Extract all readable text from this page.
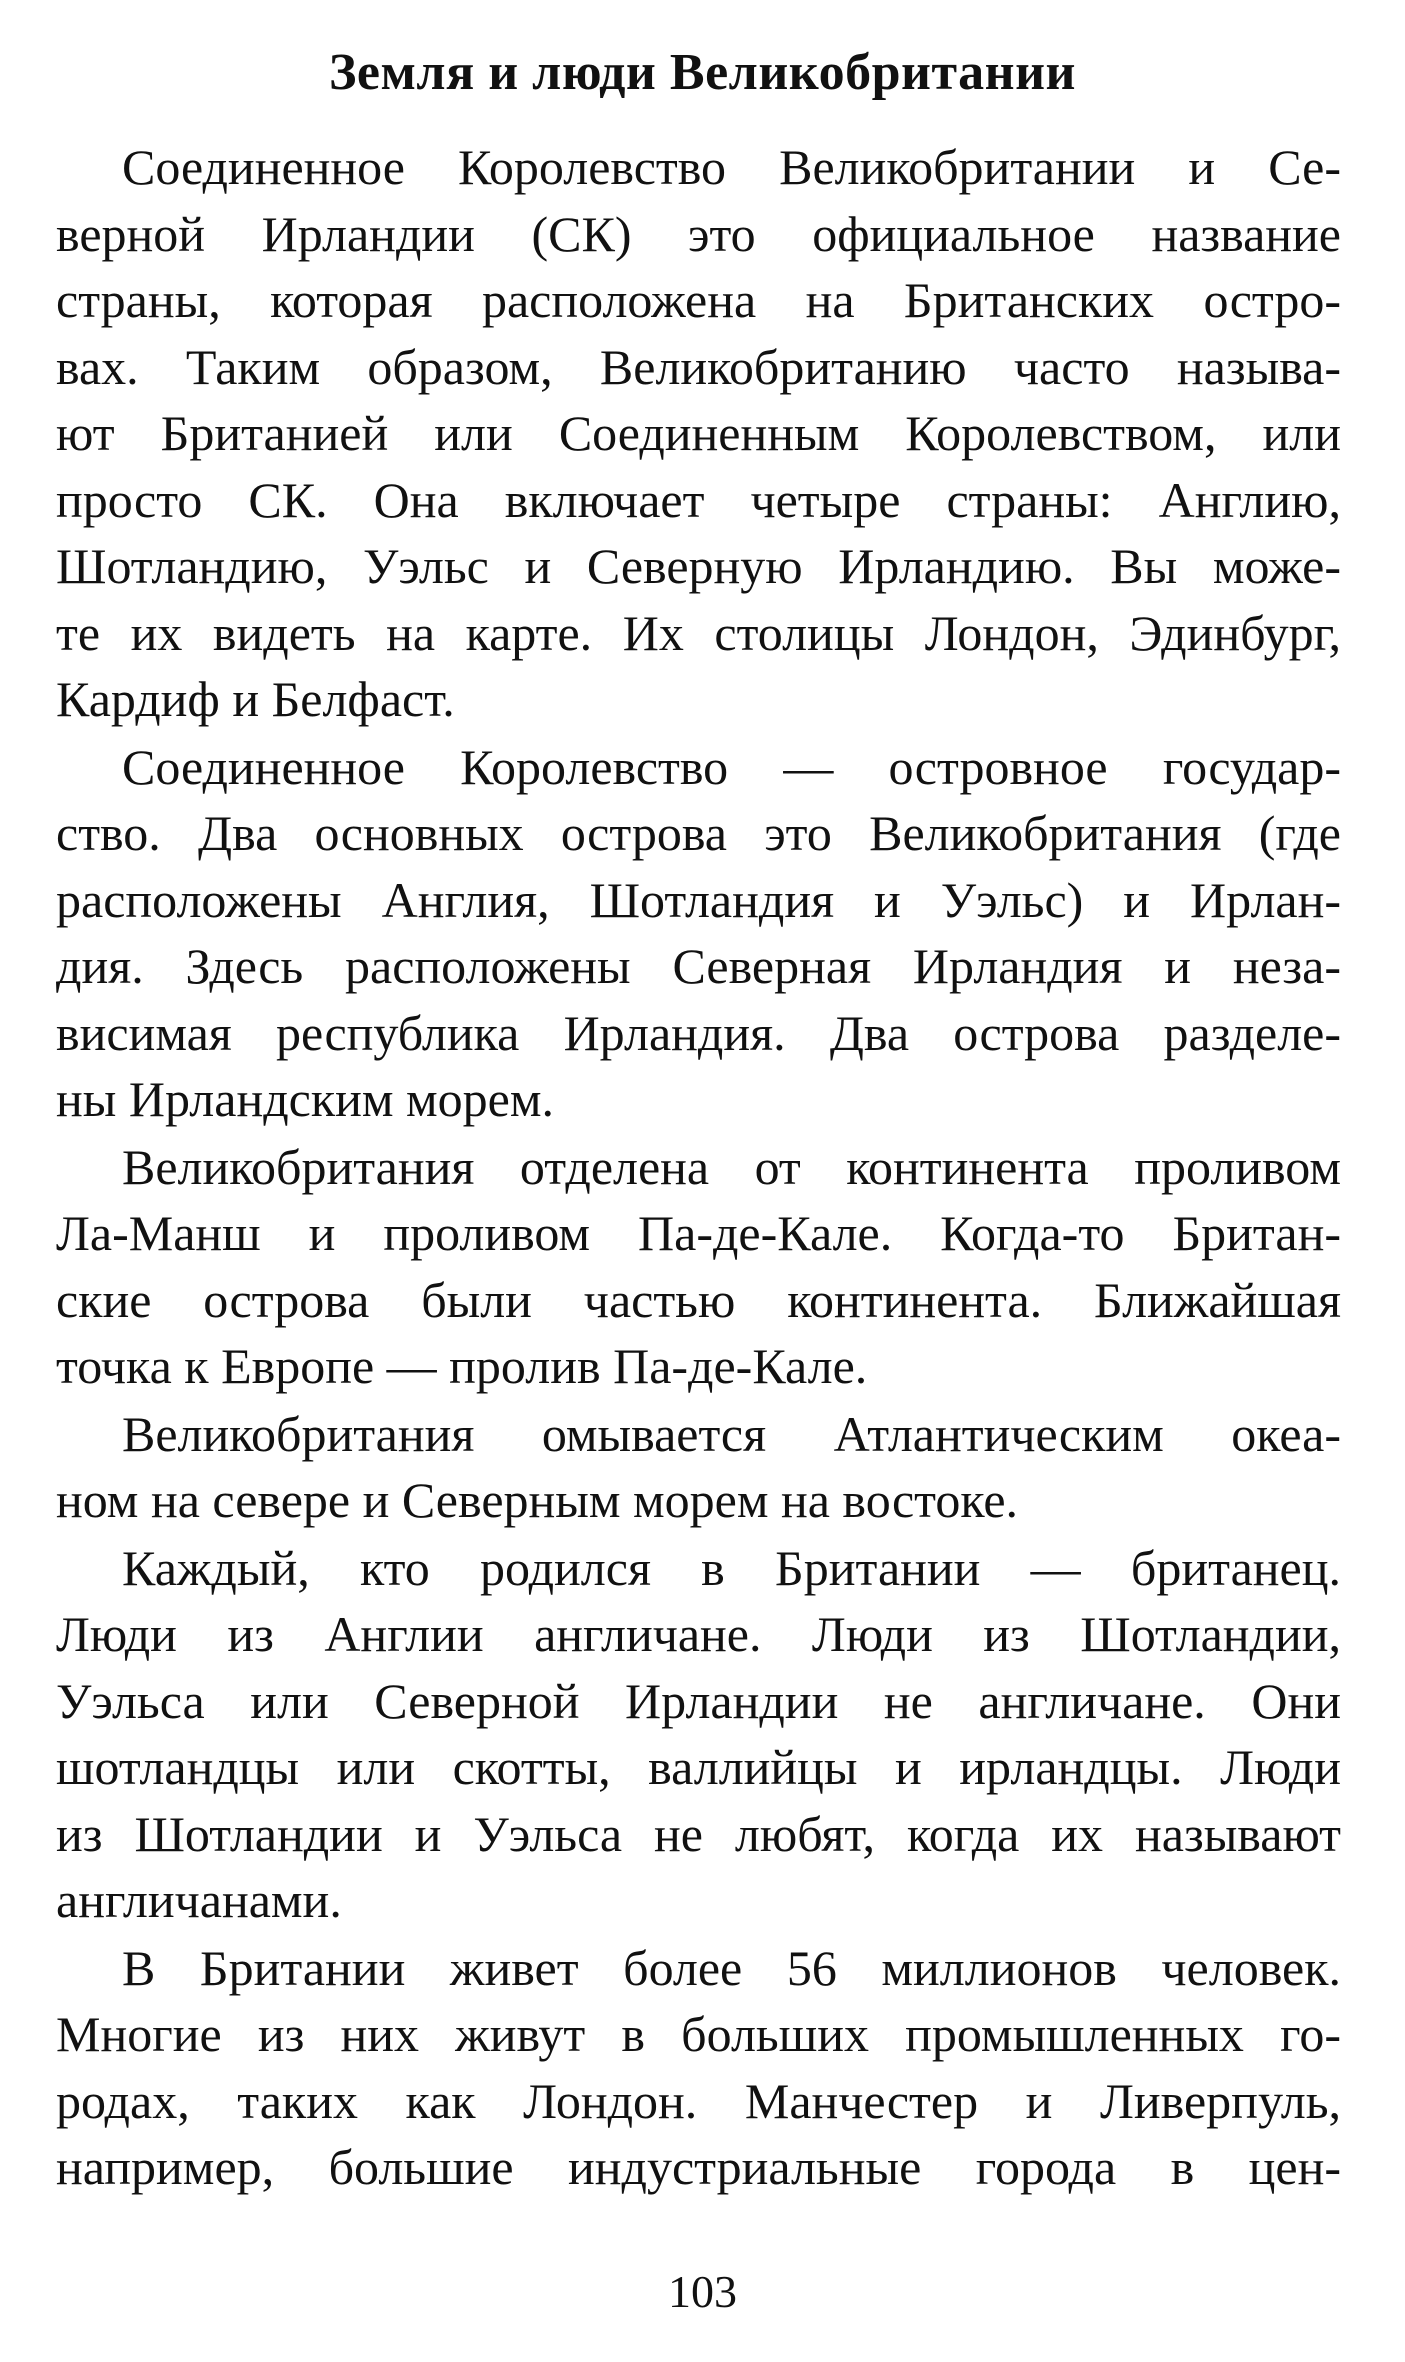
Земля и люди Великобритании
Соединенное Королевство Великобритании и Се-
верной Ирландии (СК) это официальное название
страны, которая расположена на Британских остро-
вах. Таким образом, Великобританию часто называ-
ют Британией или Соединенным Королевством, или
просто СК. Она включает четыре страны: Англию,
Шотландию, Уэльс и Северную Ирландию. Вы може-
те их видеть на карте. Их столицы Лондон, Эдинбург,
Кардиф и Белфаст.
Соединенное Королевство — островное государ-
ство. Два основных острова это Великобритания (где
расположены Англия, Шотландия и Уэльс) и Ирлан-
дия. Здесь расположены Северная Ирландия и неза-
висимая республика Ирландия. Два острова разделе-
ны Ирландским морем.
Великобритания отделена от континента проливом
Ла-Манш и проливом Па-де-Кале. Когда-то Британ-
ские острова были частью континента. Ближайшая
точка к Европе — пролив Па-де-Кале.
Великобритания омывается Атлантическим океа-
ном на севере и Северным морем на востоке.
Каждый, кто родился в Британии — британец.
Люди из Англии англичане. Люди из Шотландии,
Уэльса или Северной Ирландии не англичане. Они
шотландцы или скотты, валлийцы и ирландцы. Люди
из Шотландии и Уэльса не любят, когда их называют
англичанами.
В Британии живет более 56 миллионов человек.
Многие из них живут в больших промышленных го-
родах, таких как Лондон. Манчестер и Ливерпуль,
например, большие индустриальные города в цен-
103
